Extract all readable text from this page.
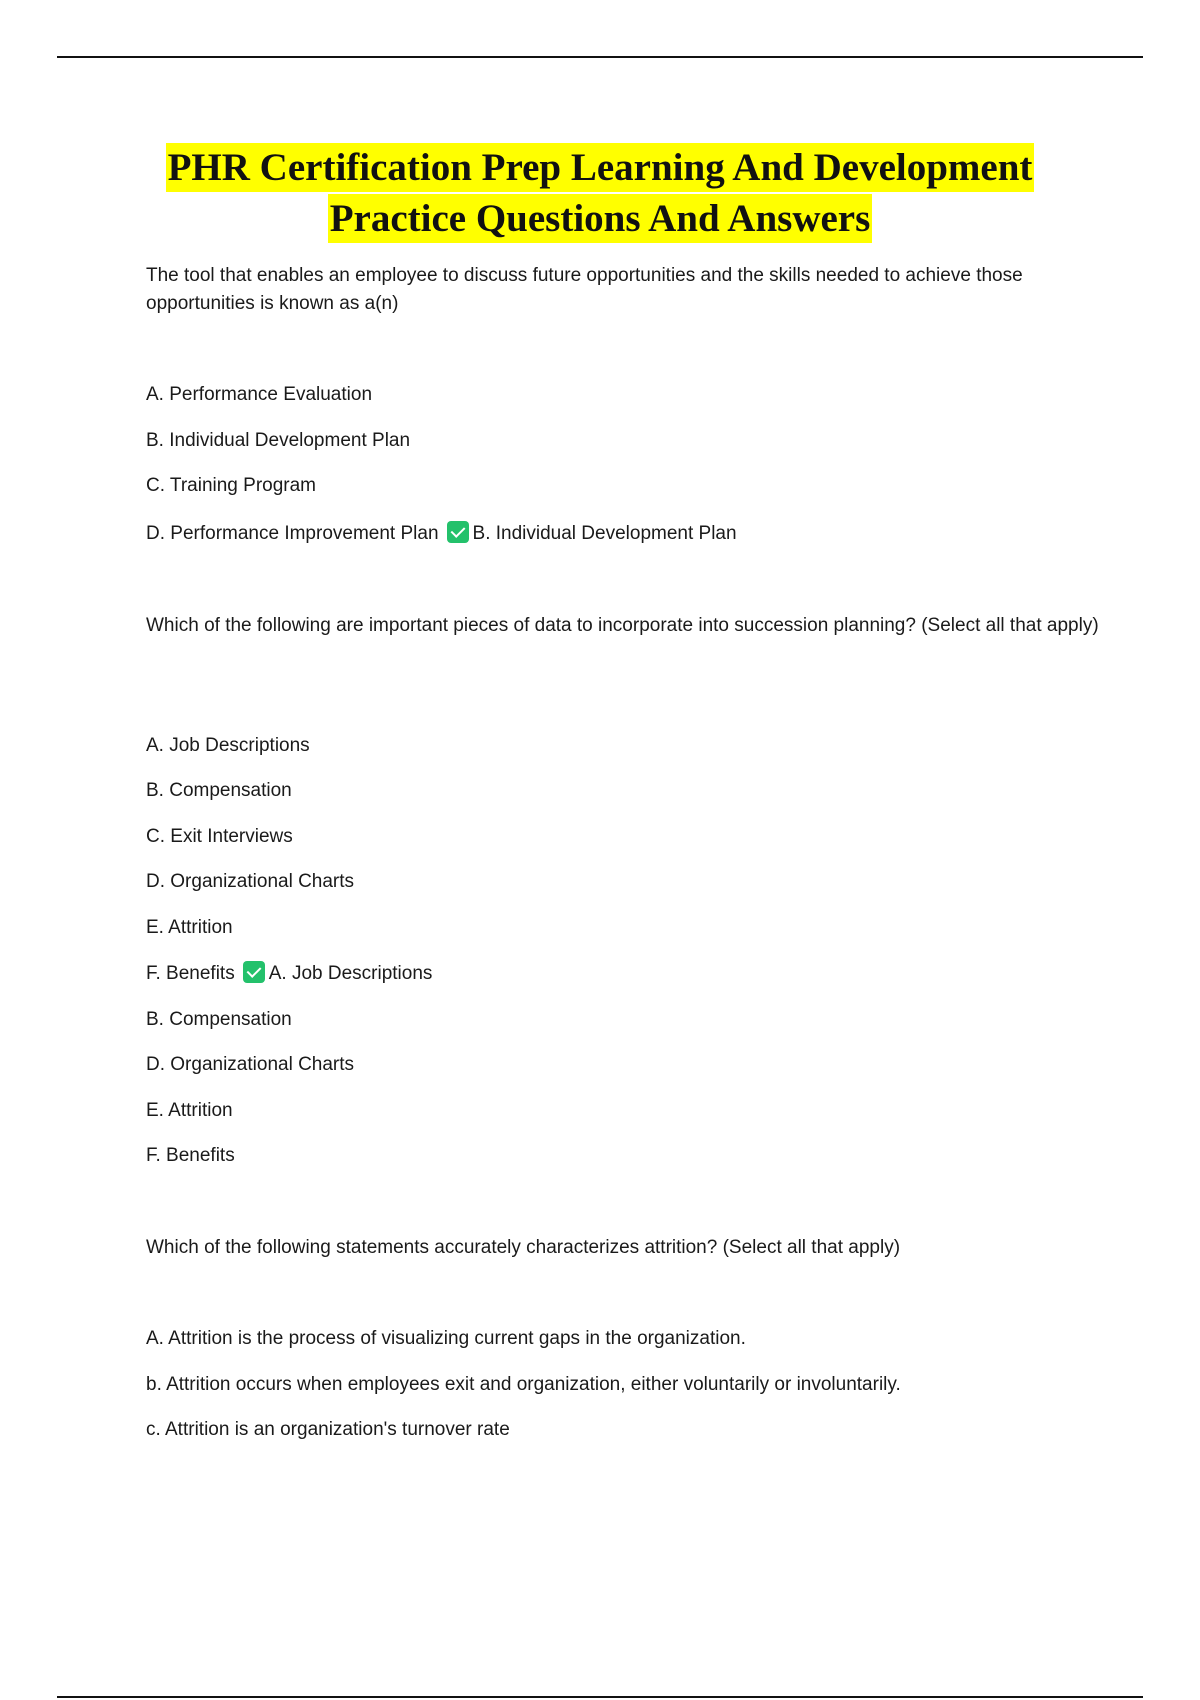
PHR Certification Prep Learning And Development
Practice Questions And Answers
The tool that enables an employee to discuss future opportunities and the skills needed to achieve those opportunities is known as a(n)
A. Performance Evaluation
B. Individual Development Plan
C. Training Program
D. Performance Improvement Plan B. Individual Development Plan
Which of the following are important pieces of data to incorporate into succession planning? (Select all that apply)
A. Job Descriptions
B. Compensation
C. Exit Interviews
D. Organizational Charts
E. Attrition
F. Benefits A. Job Descriptions
B. Compensation
D. Organizational Charts
E. Attrition
F. Benefits
Which of the following statements accurately characterizes attrition? (Select all that apply)
A. Attrition is the process of visualizing current gaps in the organization.
b. Attrition occurs when employees exit and organization, either voluntarily or involuntarily.
c. Attrition is an organization's turnover rate
